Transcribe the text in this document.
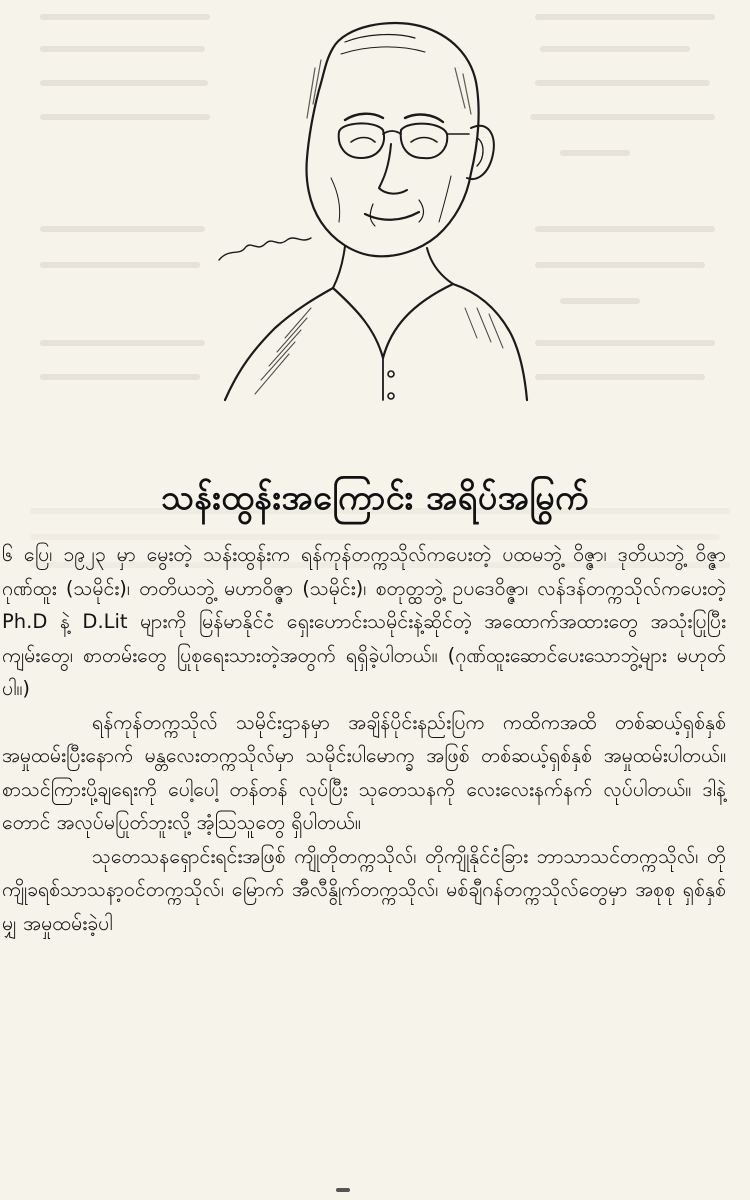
သန်းထွန်းအကြောင်း အရိပ်အမြွက်

၆ ပြေ၊ ၁၉၂၃ မှာ မွေးတဲ့ သန်းထွန်းက ရန်ကုန်တက္ကသိုလ်ကပေးတဲ့ ပထမဘွဲ့ ဝိဇ္ဇာ၊ ဒုတိယဘွဲ့ ဝိဇ္ဇာဂုဏ်ထူး (သမိုင်း)၊ တတိယဘွဲ့ မဟာဝိဇ္ဇာ (သမိုင်း)၊ စတုတ္ထဘွဲ့ ဥပဒေဝိဇ္ဇာ၊ လန်ဒန်တက္ကသိုလ်ကပေးတဲ့ Ph.D နဲ့ D.Lit များကို မြန်မာနိုင်ငံ ရှေးဟောင်းသမိုင်းနဲ့ဆိုင်တဲ့ အထောက်အထားတွေ အသုံးပြုပြီး ကျမ်းတွေ၊ စာတမ်းတွေ ပြုစုရေးသားတဲ့အတွက် ရရှိခဲ့ပါတယ်။ (ဂုဏ်ထူးဆောင်ပေးသောဘွဲ့များ မဟုတ်ပါ။)

ရန်ကုန်တက္ကသိုလ် သမိုင်းဌာနမှာ အချိန်ပိုင်းနည်းပြက ကထိကအထိ တစ်ဆယ့်ရှစ်နှစ် အမှုထမ်းပြီးနောက် မန္တလေးတက္ကသိုလ်မှာ သမိုင်းပါမောက္ခ အဖြစ် တစ်ဆယ့်ရှစ်နှစ် အမှုထမ်းပါတယ်။ စာသင်ကြားပို့ချရေးကို ပေါ့ပေါ့ တန်တန် လုပ်ပြီး သုတေသနကို လေးလေးနက်နက် လုပ်ပါတယ်။ ဒါနဲ့ တောင် အလုပ်မပြုတ်ဘူးလို့ အံ့သြသူတွေ ရှိပါတယ်။

သုတေသနရှောင်းရင်းအဖြစ် ကျိုတိုတက္ကသိုလ်၊ တိုကျိုနိုင်ငံခြား ဘာသာသင်တက္ကသိုလ်၊ တိုကျိုခရစ်သာသနာ့ဝင်တက္ကသိုလ်၊ မြောက် အီလီနွိုက်တက္ကသိုလ်၊ မစ်ချီဂန်တက္ကသိုလ်တွေမှာ အစုစု ရှစ်နှစ်မျှ အမှုထမ်းခဲ့ပါ
